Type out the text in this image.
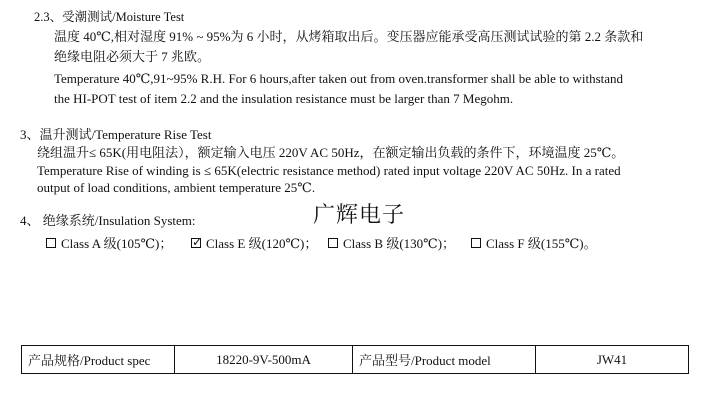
2.3、受潮测试/Moisture Test
温度 40℃,相对湿度 91% ~ 95%为 6 小时，从烤箱取出后。变压器应能承受高压测试试验的第 2.2 条款和
绝缘电阻必须大于 7 兆欧。
Temperature 40℃,91~95% R.H. For 6 hours,after taken out from oven.transformer shall be able to withstand
the HI-POT test of item 2.2 and the insulation resistance must be larger than 7 Megohm.
3、温升测试/Temperature Rise Test
绕组温升≤ 65K(用电阻法），额定输入电压 220V AC 50Hz，在额定输出负载的条件下，环境温度 25℃。
Temperature Rise of winding is ≤ 65K(electric resistance method) rated input voltage 220V AC 50Hz. In a rated
output of load conditions, ambient temperature 25℃.
4、 绝缘系统/Insulation System:	广辉电子
Class A 级(105℃)； ✓ Class E 级(120℃)； Class B 级(130℃)； Class F 级(155℃)。
产品规格/Product spec	18220-9V-500mA	产品型号/Product model	JW41
